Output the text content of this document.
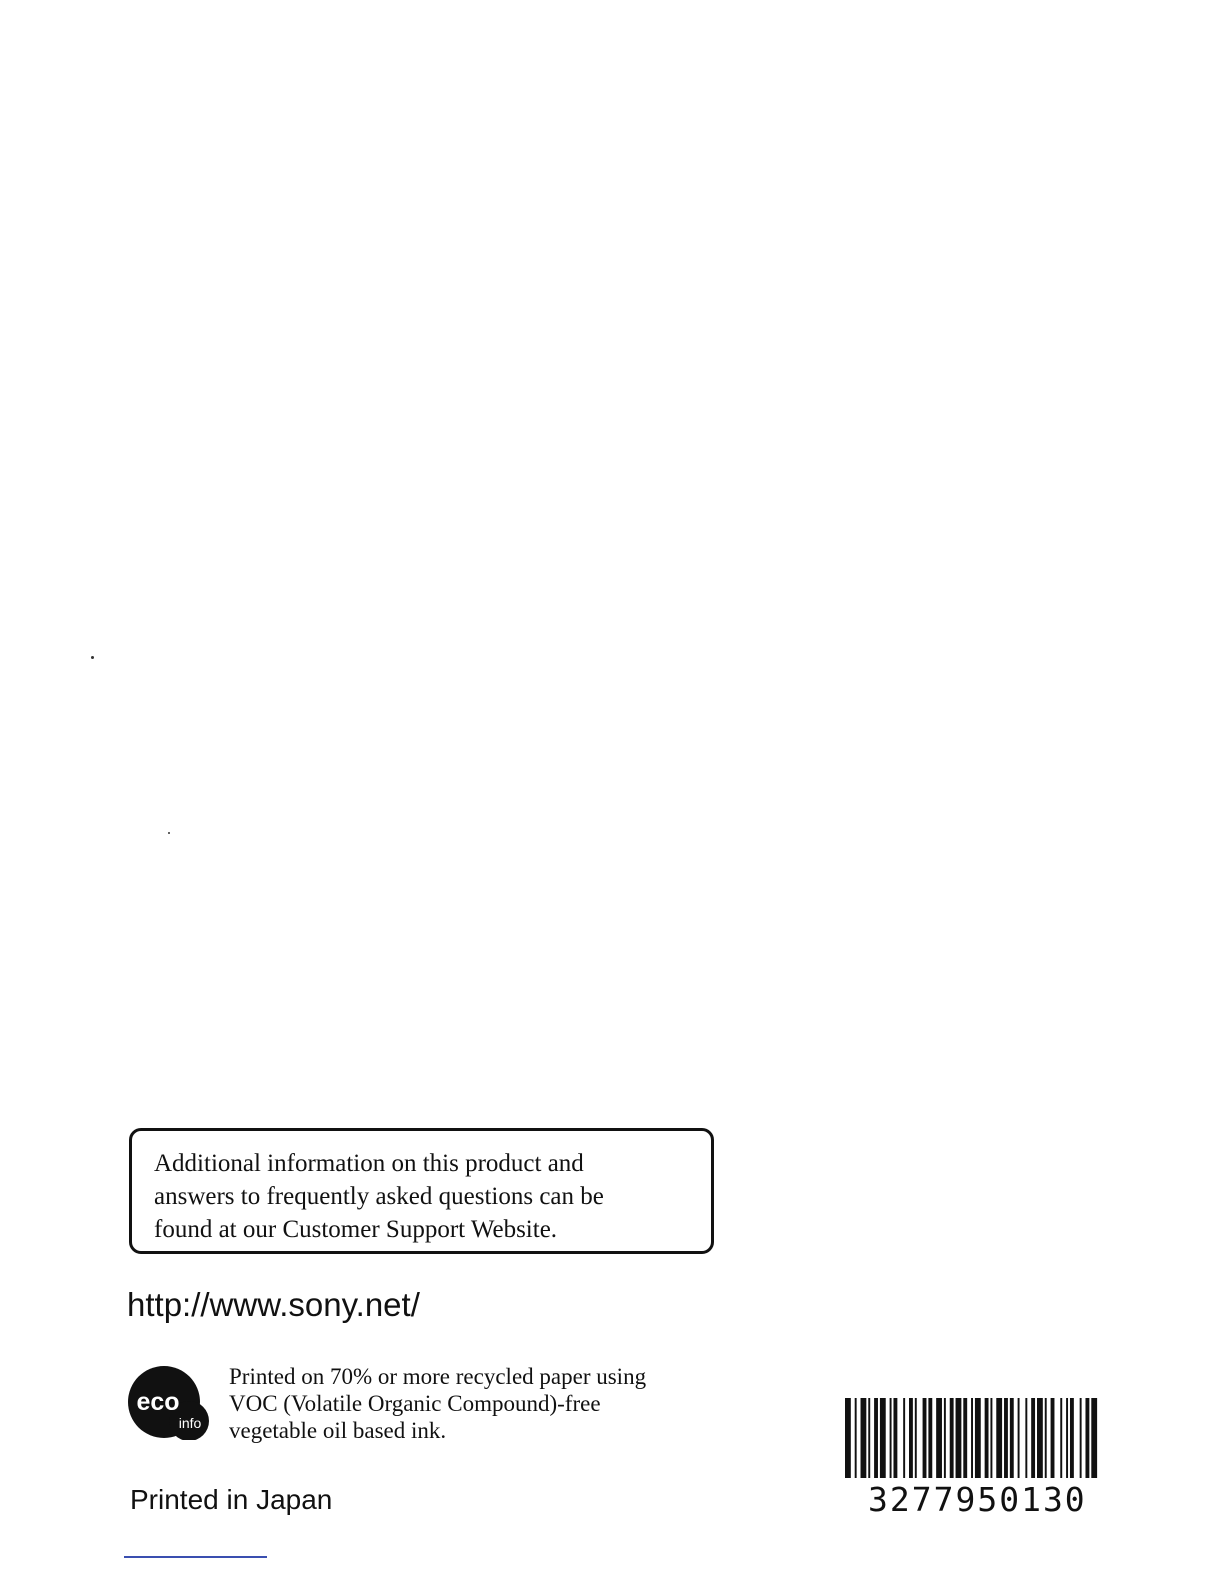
Additional information on this product and
answers to frequently asked questions can be
found at our Customer Support Website.
http://www.sony.net/
eco
info
Printed on 70% or more recycled paper using
VOC (Volatile Organic Compound)-free
vegetable oil based ink.
Printed in Japan	3277950130
